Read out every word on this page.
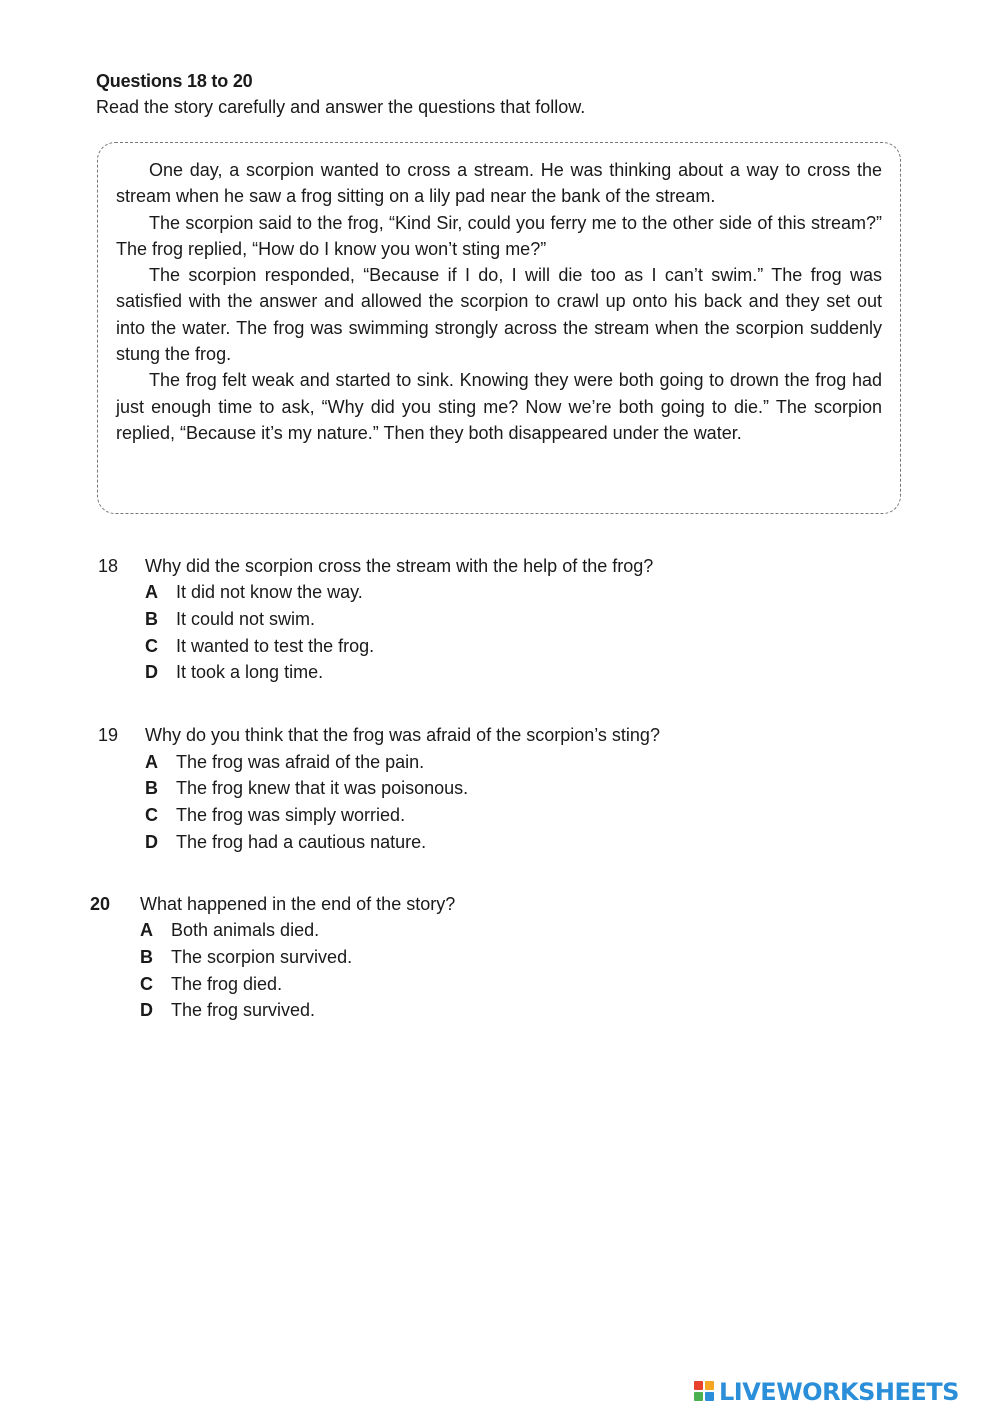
Questions 18 to 20
Read the story carefully and answer the questions that follow.

One day, a scorpion wanted to cross a stream. He was thinking about a way to cross the stream when he saw a frog sitting on a lily pad near the bank of the stream.

The scorpion said to the frog, “Kind Sir, could you ferry me to the other side of this stream?” The frog replied, “How do I know you won’t sting me?”

The scorpion responded, “Because if I do, I will die too as I can’t swim.” The frog was satisfied with the answer and allowed the scorpion to crawl up onto his back and they set out into the water. The frog was swimming strongly across the stream when the scorpion suddenly stung the frog.

The frog felt weak and started to sink. Knowing they were both going to drown the frog had just enough time to ask, “Why did you sting me? Now we’re both going to die.” The scorpion replied, “Because it’s my nature.” Then they both disappeared under the water.

18 Why did the scorpion cross the stream with the help of the frog?
A It did not know the way.
B It could not swim.
C It wanted to test the frog.
D It took a long time.
19 Why do you think that the frog was afraid of the scorpion’s sting?
A The frog was afraid of the pain.
B The frog knew that it was poisonous.
C The frog was simply worried.
D The frog had a cautious nature.
20 What happened in the end of the story?
A Both animals died.
B The scorpion survived.
C The frog died.
D The frog survived.
LIVEWORKSHEETS
